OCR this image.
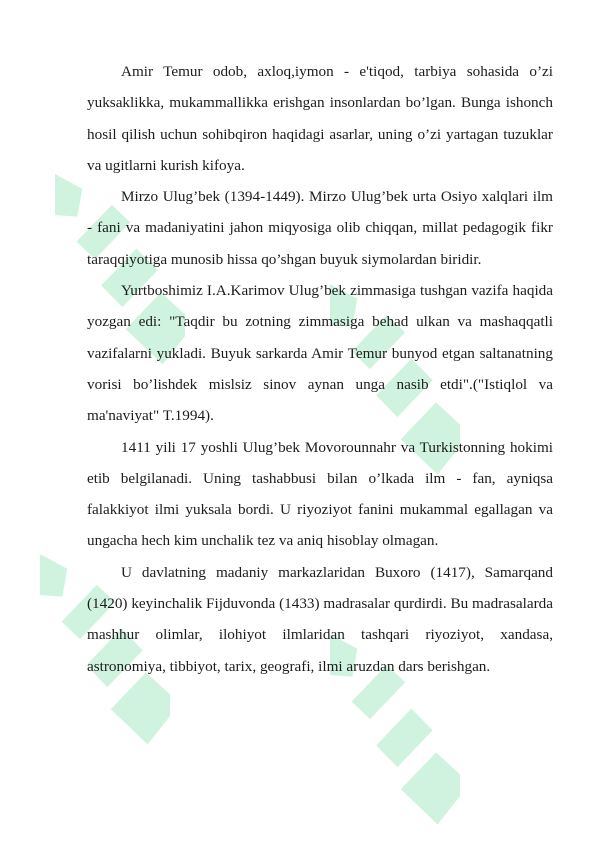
Amir Temur odob, axloq,iymon - e'tiqod, tarbiya sohasida o’zi yuksaklikka, mukammallikka erishgan insonlardan bo’lgan. Bunga ishonch hosil qilish uchun sohibqiron haqidagi asarlar, uning o’zi yartagan tuzuklar va ugitlarni kurish kifoya.

Mirzo Ulug’bek (1394-1449). Mirzo Ulug’bek urta Osiyo xalqlari ilm - fani va madaniyatini jahon miqyosiga olib chiqqan, millat pedagogik fikr taraqqiyotiga munosib hissa qo’shgan buyuk siymolardan biridir.

Yurtboshimiz I.A.Karimov Ulug’bek zimmasiga tushgan vazifa haqida yozgan edi: "Taqdir bu zotning zimmasiga behad ulkan va mashaqqatli vazifalarni yukladi. Buyuk sarkarda Amir Temur bunyod etgan saltanatning vorisi bo’lishdek mislsiz sinov aynan unga nasib etdi".("Istiqlol va ma'naviyat" T.1994).

1411 yili 17 yoshli Ulug’bek Movorounnahr va Turkistonning hokimi etib belgilanadi. Uning tashabbusi bilan o’lkada ilm - fan, ayniqsa falakkiyot ilmi yuksala bordi. U riyoziyot fanini mukammal egallagan va ungacha hech kim unchalik tez va aniq hisoblay olmagan.

U davlatning madaniy markazlaridan Buxoro (1417), Samarqand (1420) keyinchalik Fijduvonda (1433) madrasalar qurdirdi. Bu madrasalarda mashhur olimlar, ilohiyot ilmlaridan tashqari riyoziyot, xandasa, astronomiya, tibbiyot, tarix, geografi, ilmi aruzdan dars berishgan.
